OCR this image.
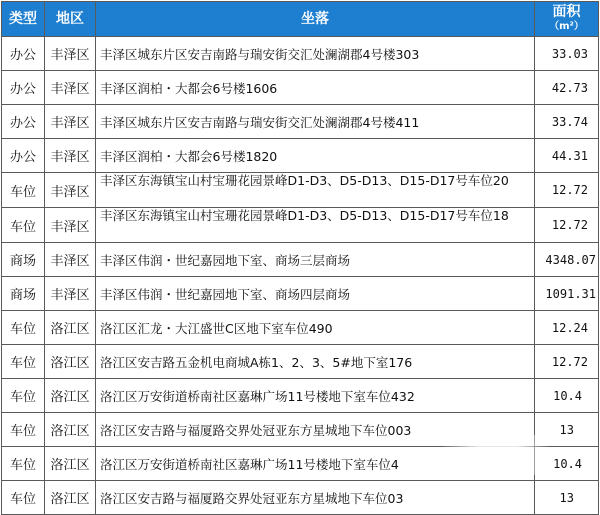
类型	地区	坐落	面积
（m²）

办公	丰泽区	丰泽区城东片区安吉南路与瑞安街交汇处澜湖郡4号楼303	33.03
办公	丰泽区	丰泽区润柏・大都会6号楼1606	42.73
办公	丰泽区	丰泽区城东片区安吉南路与瑞安街交汇处澜湖郡4号楼411	33.74
办公	丰泽区	丰泽区润柏・大都会6号楼1820	44.31
车位	丰泽区	丰泽区东海镇宝山村宝珊花园景峰D1-D3、D5-D13、D15-D17号车位20	12.72
车位	丰泽区	丰泽区东海镇宝山村宝珊花园景峰D1-D3、D5-D13、D15-D17号车位18	12.72
商场	丰泽区	丰泽区伟润・世纪嘉园地下室、商场三层商场	4348.07
商场	丰泽区	丰泽区伟润・世纪嘉园地下室、商场四层商场	1091.31
车位	洛江区	洛江区汇龙・大江盛世C区地下室车位490	12.24
车位	洛江区	洛江区安吉路五金机电商城A栋1、2、3、5#地下室176	12.72
车位	洛江区	洛江区万安街道桥南社区嘉琳广场11号楼地下室车位432	10.4
车位	洛江区	洛江区安吉路与福厦路交界处冠亚东方星城地下车位003	13
车位	洛江区	洛江区万安街道桥南社区嘉琳广场11号楼地下室车位4	10.4
车位	洛江区	洛江区安吉路与福厦路交界处冠亚东方星城地下车位03	13
